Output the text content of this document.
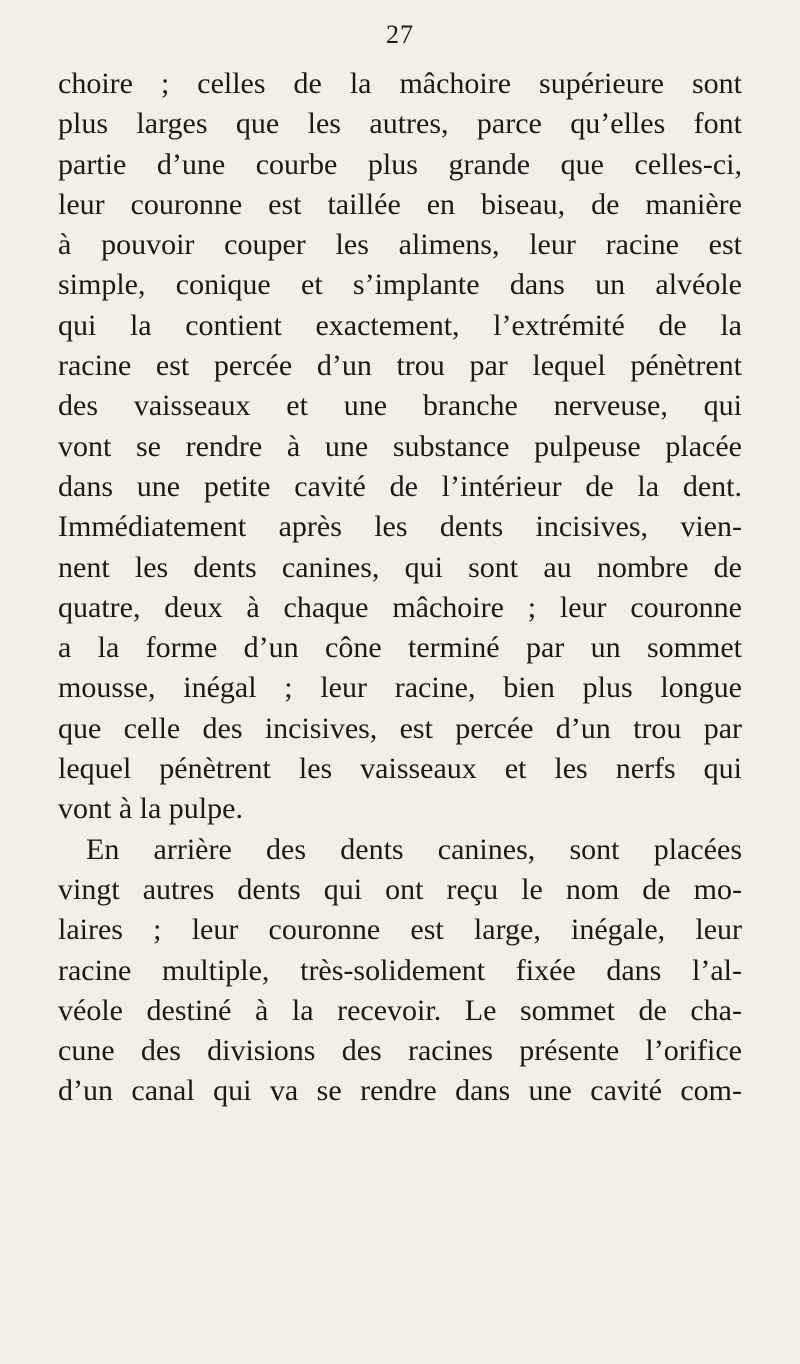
27
choire ; celles de la mâchoire supérieure sont
plus larges que les autres, parce qu’elles font
partie d’une courbe plus grande que celles-ci,
leur couronne est taillée en biseau, de manière
à pouvoir couper les alimens, leur racine est
simple, conique et s’implante dans un alvéole
qui la contient exactement, l’extrémité de la
racine est percée d’un trou par lequel pénètrent
des vaisseaux et une branche nerveuse, qui
vont se rendre à une substance pulpeuse placée
dans une petite cavité de l’intérieur de la dent.
Immédiatement après les dents incisives, vien-
nent les dents canines, qui sont au nombre de
quatre, deux à chaque mâchoire ; leur couronne
a la forme d’un cône terminé par un sommet
mousse, inégal ; leur racine, bien plus longue
que celle des incisives, est percée d’un trou par
lequel pénètrent les vaisseaux et les nerfs qui
vont à la pulpe.
En arrière des dents canines, sont placées
vingt autres dents qui ont reçu le nom de mo-
laires ; leur couronne est large, inégale, leur
racine multiple, très-solidement fixée dans l’al-
véole destiné à la recevoir. Le sommet de cha-
cune des divisions des racines présente l’orifice
d’un canal qui va se rendre dans une cavité com-
